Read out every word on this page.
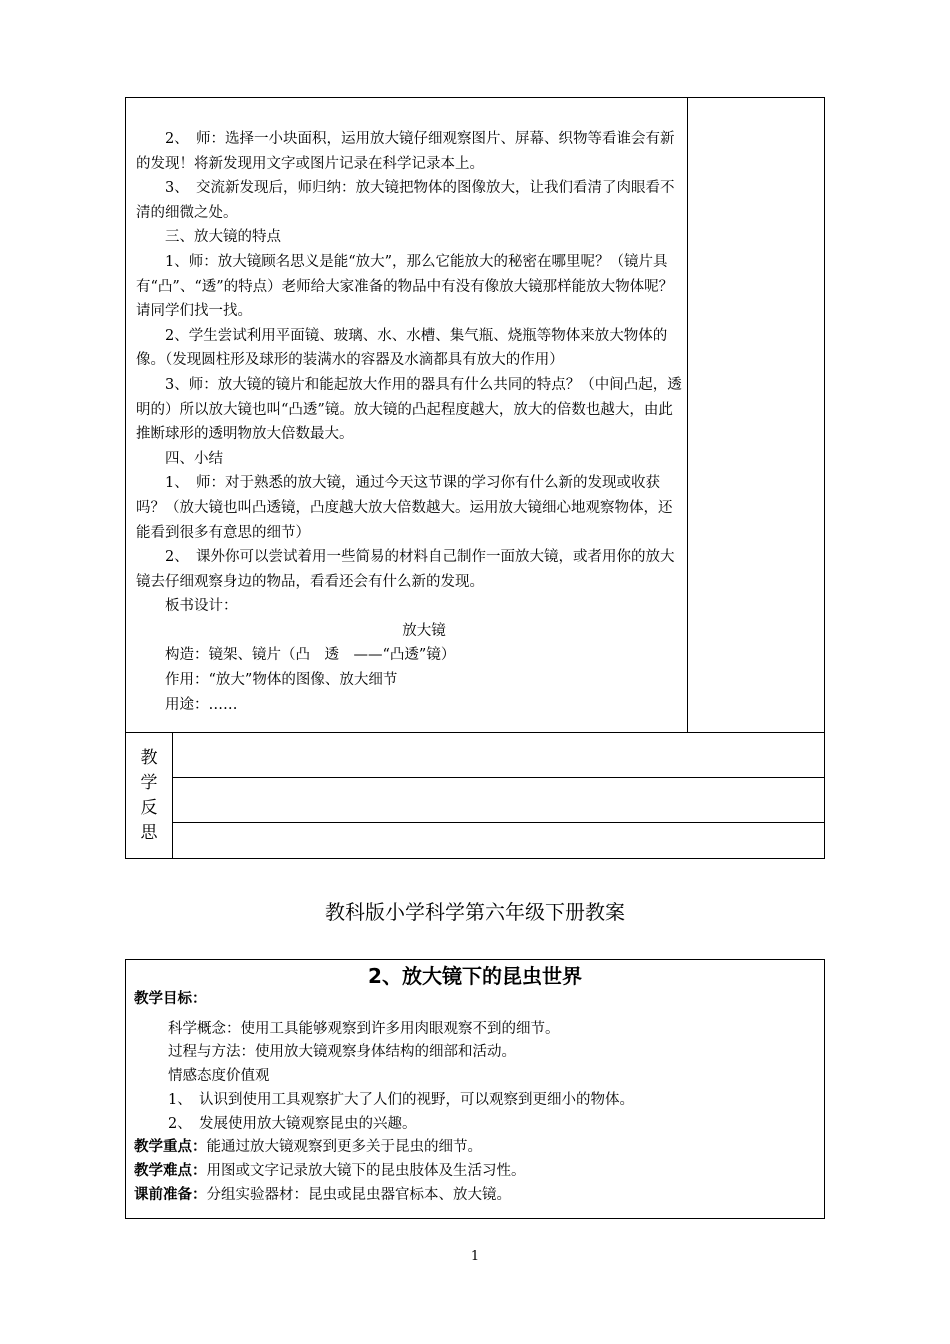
2、　师：选择一小块面积，运用放大镜仔细观察图片、屏幕、织物等看谁会有新的发现！将新发现用文字或图片记录在科学记录本上。

3、　交流新发现后，师归纳：放大镜把物体的图像放大，让我们看清了肉眼看不清的细微之处。

三、放大镜的特点

1、师：放大镜顾名思义是能“放大”，那么它能放大的秘密在哪里呢？（镜片具有“凸”、“透”的特点）老师给大家准备的物品中有没有像放大镜那样能放大物体呢？请同学们找一找。

2、学生尝试利用平面镜、玻璃、水、水槽、集气瓶、烧瓶等物体来放大物体的像。（发现圆柱形及球形的装满水的容器及水滴都具有放大的作用）

3、师：放大镜的镜片和能起放大作用的器具有什么共同的特点？（中间凸起，透明的）所以放大镜也叫“凸透”镜。放大镜的凸起程度越大，放大的倍数也越大，由此推断球形的透明物放大倍数最大。

四、小结

1、　师：对于熟悉的放大镜，通过今天这节课的学习你有什么新的发现或收获吗？（放大镜也叫凸透镜，凸度越大放大倍数越大。运用放大镜细心地观察物体，还能看到很多有意思的细节）

2、　课外你可以尝试着用一些简易的材料自己制作一面放大镜，或者用你的放大镜去仔细观察身边的物品，看看还会有什么新的发现。

板书设计：

放大镜

构造：镜架、镜片（凸　透　——“凸透”镜）

作用：“放大”物体的图像、放大细节

用途：……

教
学
反
思
教科版小学科学第六年级下册教案
2、放大镜下的昆虫世界

教学目标：

科学概念：使用工具能够观察到许多用肉眼观察不到的细节。

过程与方法：使用放大镜观察身体结构的细部和活动。

情感态度价值观

1、　认识到使用工具观察扩大了人们的视野，可以观察到更细小的物体。

2、　发展使用放大镜观察昆虫的兴趣。

教学重点：能通过放大镜观察到更多关于昆虫的细节。

教学难点：用图或文字记录放大镜下的昆虫肢体及生活习性。

课前准备：分组实验器材：昆虫或昆虫器官标本、放大镜。

1
